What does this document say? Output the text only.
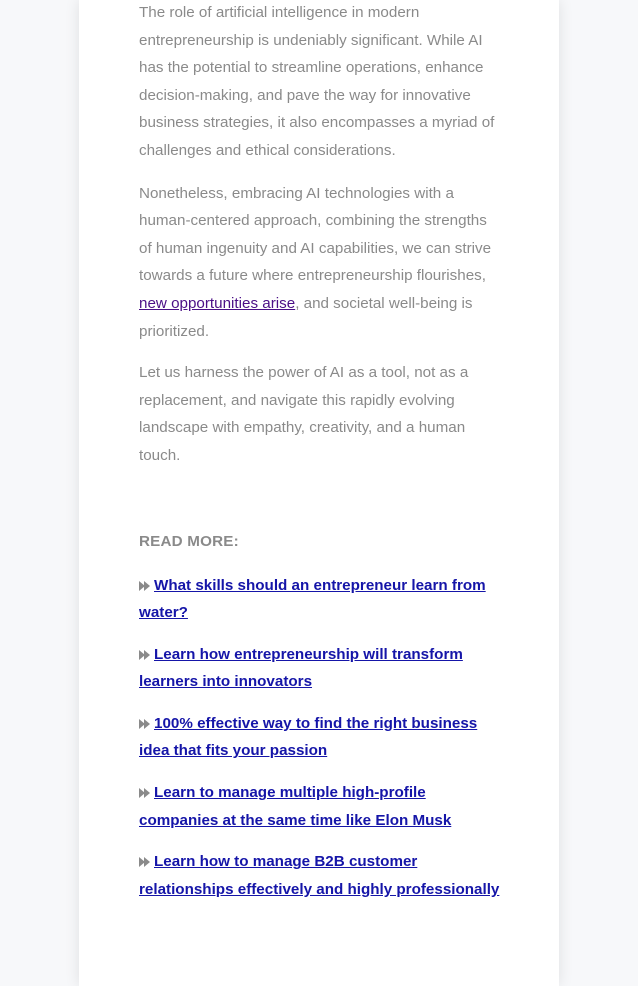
The role of artificial intelligence in modern entrepreneurship is undeniably significant. While AI has the potential to streamline operations, enhance decision-making, and pave the way for innovative business strategies, it also encompasses a myriad of challenges and ethical considerations.

Nonetheless, embracing AI technologies with a human-centered approach, combining the strengths of human ingenuity and AI capabilities, we can strive towards a future where entrepreneurship flourishes, new opportunities arise, and societal well-being is prioritized.

Let us harness the power of AI as a tool, not as a replacement, and navigate this rapidly evolving landscape with empathy, creativity, and a human touch.

READ MORE:
What skills should an entrepreneur learn from water?
Learn how entrepreneurship will transform learners into innovators
100% effective way to find the right business idea that fits your passion
Learn to manage multiple high-profile companies at the same time like Elon Musk
Learn how to manage B2B customer relationships effectively and highly professionally
